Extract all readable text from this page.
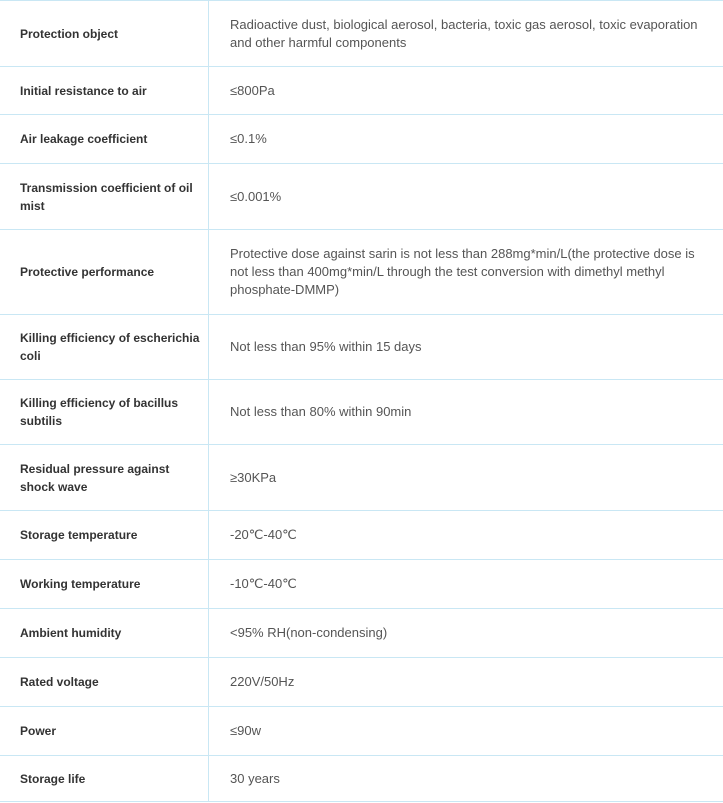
Protection object	Radioactive dust, biological aerosol, bacteria, toxic gas aerosol, toxic evaporation and other harmful components
Initial resistance to air	≤800Pa
Air leakage coefficient	≤0.1%
Transmission coefficient of oil mist	≤0.001%
Protective performance	Protective dose against sarin is not less than 288mg*min/L(the protective dose is not less than 400mg*min/L through the test conversion with dimethyl methyl phosphate-DMMP)
Killing efficiency of escherichia coli	Not less than 95% within 15 days
Killing efficiency of bacillus subtilis	Not less than 80% within 90min
Residual pressure against shock wave	≥30KPa
Storage temperature	-20℃-40℃
Working temperature	-10℃-40℃
Ambient humidity	<95% RH(non-condensing)
Rated voltage	220V/50Hz
Power	≤90w
Storage life	30 years
